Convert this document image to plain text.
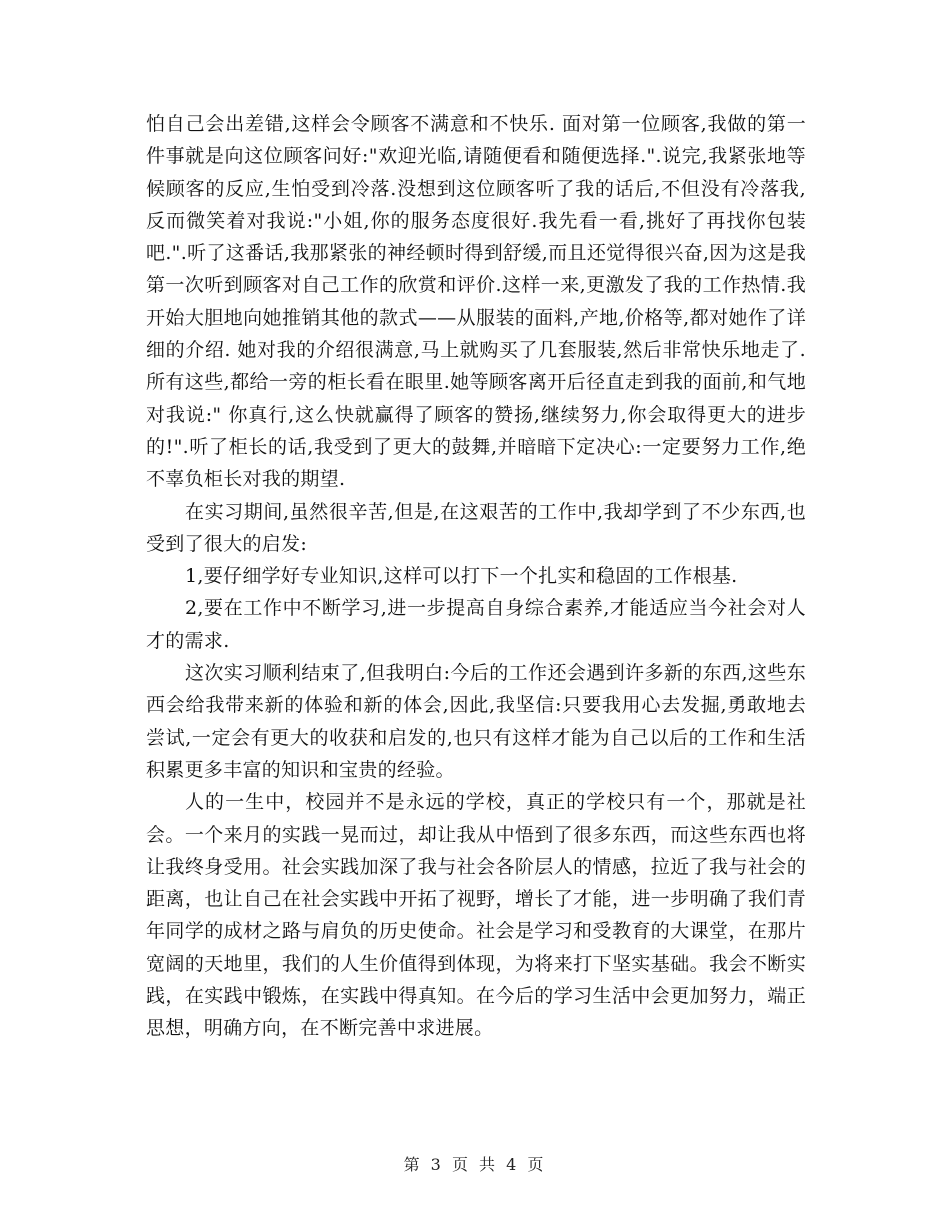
怕自己会出差错,这样会令顾客不满意和不快乐. 面对第一位顾客,我做的第一件事就是向这位顾客问好:"欢迎光临,请随便看和随便选择.".说完,我紧张地等候顾客的反应,生怕受到冷落.没想到这位顾客听了我的话后,不但没有冷落我,反而微笑着对我说:"小姐,你的服务态度很好.我先看一看,挑好了再找你包装吧.".听了这番话,我那紧张的神经顿时得到舒缓,而且还觉得很兴奋,因为这是我第一次听到顾客对自己工作的欣赏和评价.这样一来,更激发了我的工作热情.我开始大胆地向她推销其他的款式——从服装的面料,产地,价格等,都对她作了详细的介绍. 她对我的介绍很满意,马上就购买了几套服装,然后非常快乐地走了.所有这些,都给一旁的柜长看在眼里.她等顾客离开后径直走到我的面前,和气地对我说:" 你真行,这么快就赢得了顾客的赞扬,继续努力,你会取得更大的进步的!".听了柜长的话,我受到了更大的鼓舞,并暗暗下定决心:一定要努力工作,绝不辜负柜长对我的期望.

在实习期间,虽然很辛苦,但是,在这艰苦的工作中,我却学到了不少东西,也受到了很大的启发:

1,要仔细学好专业知识,这样可以打下一个扎实和稳固的工作根基.

2,要在工作中不断学习,进一步提高自身综合素养,才能适应当今社会对人才的需求.

这次实习顺利结束了,但我明白:今后的工作还会遇到许多新的东西,这些东西会给我带来新的体验和新的体会,因此,我坚信:只要我用心去发掘,勇敢地去尝试,一定会有更大的收获和启发的,也只有这样才能为自己以后的工作和生活积累更多丰富的知识和宝贵的经验。

人的一生中，校园并不是永远的学校，真正的学校只有一个，那就是社会。一个来月的实践一晃而过，却让我从中悟到了很多东西，而这些东西也将让我终身受用。社会实践加深了我与社会各阶层人的情感，拉近了我与社会的距离，也让自己在社会实践中开拓了视野，增长了才能，进一步明确了我们青年同学的成材之路与肩负的历史使命。社会是学习和受教育的大课堂，在那片宽阔的天地里，我们的人生价值得到体现，为将来打下坚实基础。我会不断实践，在实践中锻炼，在实践中得真知。在今后的学习生活中会更加努力，端正思想，明确方向，在不断完善中求进展。

第 3 页 共 4 页
